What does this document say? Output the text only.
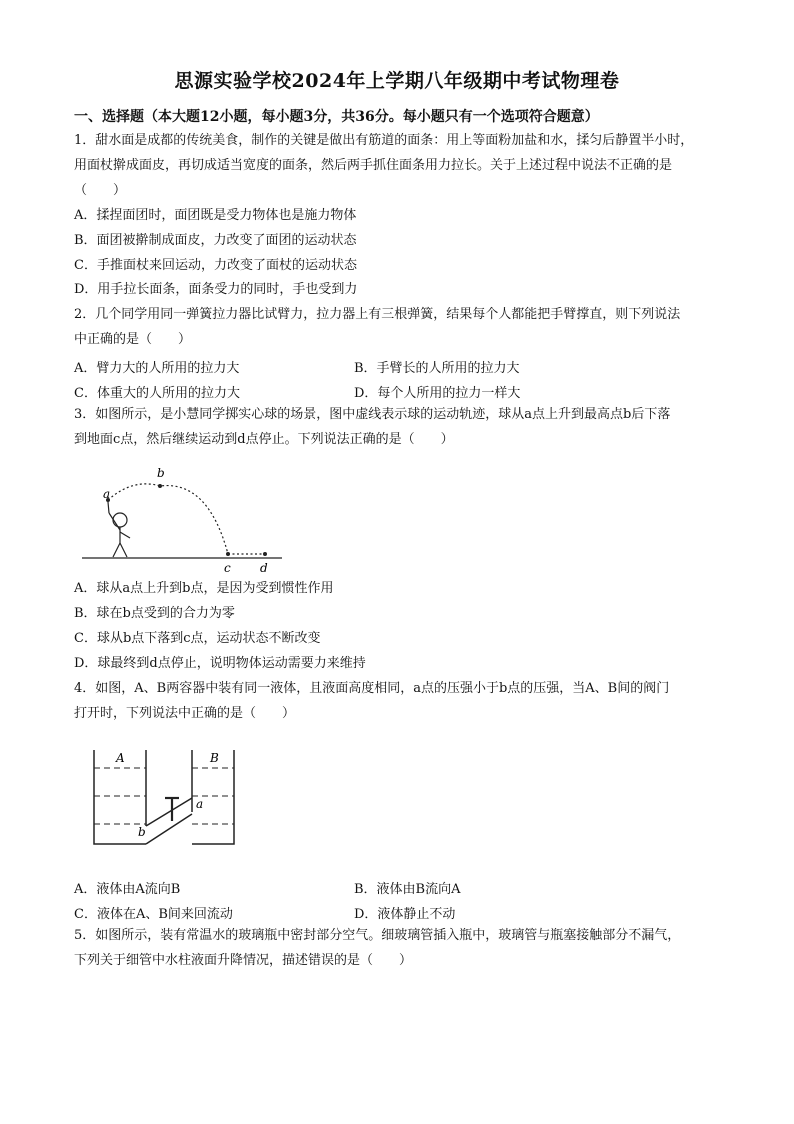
思源实验学校2024年上学期八年级期中考试物理卷
一、选择题（本大题12小题，每小题3分，共36分。每小题只有一个选项符合题意）
1．甜水面是成都的传统美食，制作的关键是做出有筋道的面条：用上等面粉加盐和水，揉匀后静置半小时，
用面杖擀成面皮，再切成适当宽度的面条，然后两手抓住面条用力拉长。关于上述过程中说法不正确的是
（　　）
A．揉捏面团时，面团既是受力物体也是施力物体
B．面团被擀制成面皮，力改变了面团的运动状态
C．手推面杖来回运动，力改变了面杖的运动状态
D．用手拉长面条，面条受力的同时，手也受到力
2．几个同学用同一弹簧拉力器比试臂力，拉力器上有三根弹簧，结果每个人都能把手臂撑直，则下列说法
中正确的是（　　）
A．臂力大的人所用的拉力大	B．手臂长的人所用的拉力大
C．体重大的人所用的拉力大	D．每个人所用的拉力一样大
3．如图所示，是小慧同学掷实心球的场景，图中虚线表示球的运动轨迹，球从a点上升到最高点b后下落
到地面c点，然后继续运动到d点停止。下列说法正确的是（　　）
a
b
c d
A．球从a点上升到b点，是因为受到惯性作用
B．球在b点受到的合力为零
C．球从b点下落到c点，运动状态不断改变
D．球最终到d点停止，说明物体运动需要力来维持
4．如图，A、B两容器中装有同一液体，且液面高度相同，a点的压强小于b点的压强，当A、B间的阀门
打开时，下列说法中正确的是（　　）
A	B
a
b
A．液体由A流向B	B．液体由B流向A
C．液体在A、B间来回流动	D．液体静止不动
5．如图所示，装有常温水的玻璃瓶中密封部分空气。细玻璃管插入瓶中，玻璃管与瓶塞接触部分不漏气，
下列关于细管中水柱液面升降情况，描述错误的是（　　）
